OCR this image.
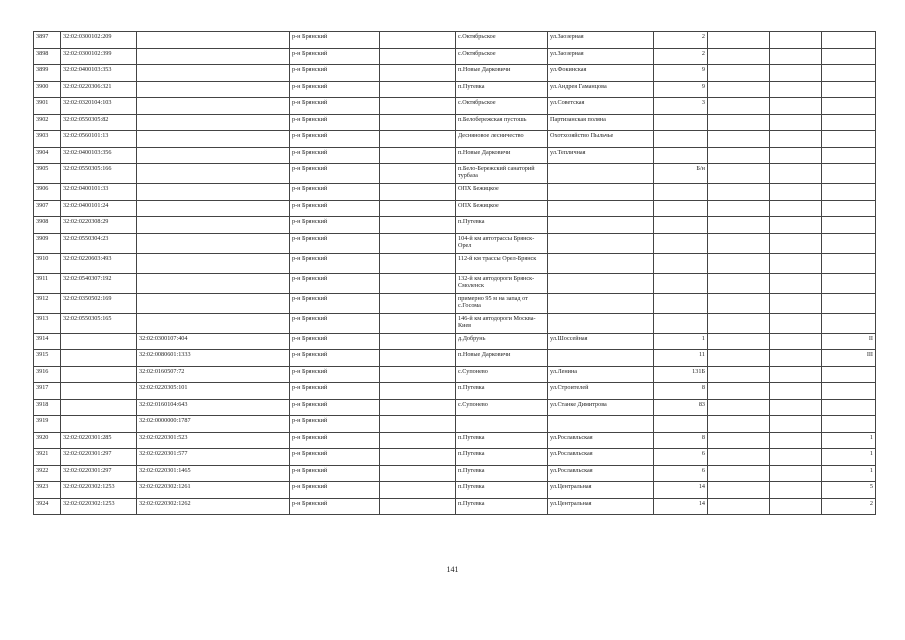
3897	32:02:0300102:209		р-н Брянский		с.Октябрьское	ул.Заозерная	2			
3898	32:02:0300102:399		р-н Брянский		с.Октябрьское	ул.Заозерная	2			
3899	32:02:0400103:353		р-н Брянский		п.Новые Дарковичи	ул.Фокинская	9			
3900	32:02:0220306:321		р-н Брянский		п.Путевка	ул.Андрея Гаманцова	9			
3901	32:02:0320104:103		р-н Брянский		с.Октябрьское	ул.Советская	3			
3902	32:02:0550305:82		р-н Брянский		п.Белобережская пустошь	Партизанская поляна				
3903	32:02:0560101:13		р-н Брянский		Десняновое лесничество	Охотхозяйство Пыльчье				
3904	32:02:0400103:356		р-н Брянский		п.Новые Дарковичи	ул.Тепличная				
3905	32:02:0550305:166		р-н Брянский		п.Бело-Бережский санаторий турбаза		Б/н			
3906	32:02:0400101:33		р-н Брянский		ОПХ Бежицкое					
3907	32:02:0400101:24		р-н Брянский		ОПХ Бежицкое					
3908	32:02:0220308:29		р-н Брянский		п.Путевка					
3909	32:02:0550304:23		р-н Брянский		104-й км автотрассы Брянск-Орел					
3910	32:02:0220603:493		р-н Брянский		112-й км трассы Орел-Брянск					
3911	32:02:0540307:192		р-н Брянский		132-й км автодороги Брянск-Смоленск					
3912	32:02:0350502:169		р-н Брянский		примерно 95 м на запад от с.Госома					
3913	32:02:0550305:165		р-н Брянский		146-й км автодороги Москва-Киев					
3914		32:02:0300107:404	р-н Брянский		д.Добрунь	ул.Шоссейная	1			II
3915		32:02:0080601:1333	р-н Брянский		п.Новые Дарковичи		11			III
3916		32:02:0160507:72	р-н Брянский		с.Супонево	ул.Ленина	131Б			
3917		32:02:0220305:101	р-н Брянский		п.Путевка	ул.Строителей	8			
3918		32:02:0160104:643	р-н Брянский		с.Супонево	ул.Станке Димитрова	83			
3919		32:02:0000000:1787	р-н Брянский							
3920	32:02:0220301:285	32:02:0220301:523	р-н Брянский		п.Путевка	ул.Рославльская	8			1
3921	32:02:0220301:297	32:02:0220301:577	р-н Брянский		п.Путевка	ул.Рославльская	6			1
3922	32:02:0220301:297	32:02:0220301:1465	р-н Брянский		п.Путевка	ул.Рославльская	6			1
3923	32:02:0220302:1253	32:02:0220302:1261	р-н Брянский		п.Путевка	ул.Центральная	14			5
3924	32:02:0220302:1253	32:02:0220302:1262	р-н Брянский		п.Путевка	ул.Центральная	14			2
141
